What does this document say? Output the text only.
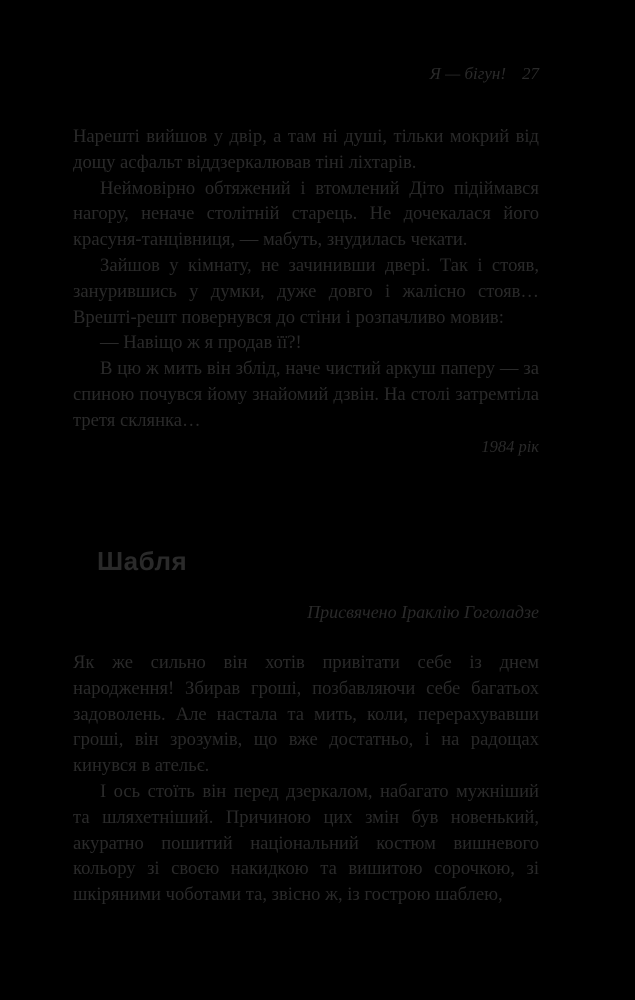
Я — бігун! 27

Нарешті вийшов у двір, а там ні душі, тільки мокрий від дощу асфальт віддзеркалював тіні ліхтарів.

Неймовірно обтяжений і втомлений Діто підіймався нагору, неначе столітній старець. Не дочекалася його красуня-танцівниця, — мабуть, знудилась чекати.

Зайшов у кімнату, не зачинивши двері. Так і стояв, занурившись у думки, дуже довго і жалісно стояв… Врешті-решт повернувся до стіни і розпачливо мовив:

— Навіщо ж я продав її?!

В цю ж мить він зблід, наче чистий аркуш паперу — за спиною почувся йому знайомий дзвін. На столі затремтіла третя склянка…

1984 рік

Шабля
Присвячено Іраклію Гоголадзе

Як же сильно він хотів привітати себе із днем народження! Збирав гроші, позбавляючи себе багатьох задоволень. Але настала та мить, коли, перерахувавши гроші, він зрозумів, що вже достатньо, і на радощах кинувся в ательє.

І ось стоїть він перед дзеркалом, набагато мужніший та шляхетніший. Причиною цих змін був новенький, акуратно пошитий національний костюм вишневого кольору зі своєю накидкою та вишитою сорочкою, зі шкіряними чоботами та, звісно ж, із гострою шаблею,
